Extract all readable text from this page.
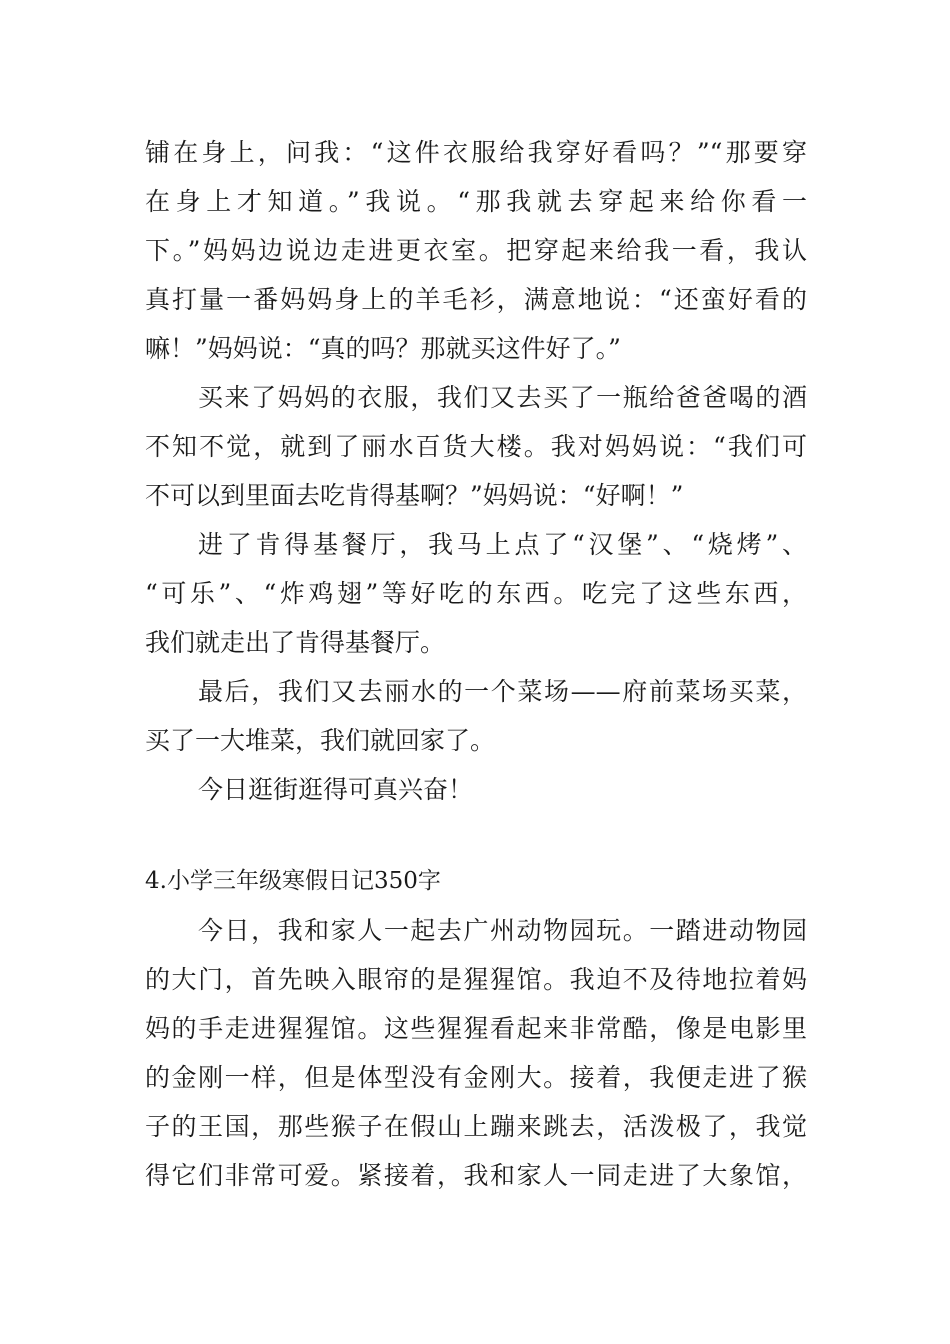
铺在身上，问我：“这件衣服给我穿好看吗？”“那要穿
在身上才知道。”我说。“那我就去穿起来给你看一
下。”妈妈边说边走进更衣室。把穿起来给我一看，我认
真打量一番妈妈身上的羊毛衫，满意地说：“还蛮好看的
嘛！”妈妈说：“真的吗？那就买这件好了。”
买来了妈妈的衣服，我们又去买了一瓶给爸爸喝的酒
不知不觉，就到了丽水百货大楼。我对妈妈说：“我们可
不可以到里面去吃肯得基啊？”妈妈说：“好啊！”
进了肯得基餐厅，我马上点了“汉堡”、“烧烤”、
“可乐”、“炸鸡翅”等好吃的东西。吃完了这些东西，
我们就走出了肯得基餐厅。
最后，我们又去丽水的一个菜场——府前菜场买菜，
买了一大堆菜，我们就回家了。
今日逛街逛得可真兴奋！
4.小学三年级寒假日记350字
今日，我和家人一起去广州动物园玩。一踏进动物园
的大门，首先映入眼帘的是猩猩馆。我迫不及待地拉着妈
妈的手走进猩猩馆。这些猩猩看起来非常酷，像是电影里
的金刚一样，但是体型没有金刚大。接着，我便走进了猴
子的王国，那些猴子在假山上蹦来跳去，活泼极了，我觉
得它们非常可爱。紧接着，我和家人一同走进了大象馆，
